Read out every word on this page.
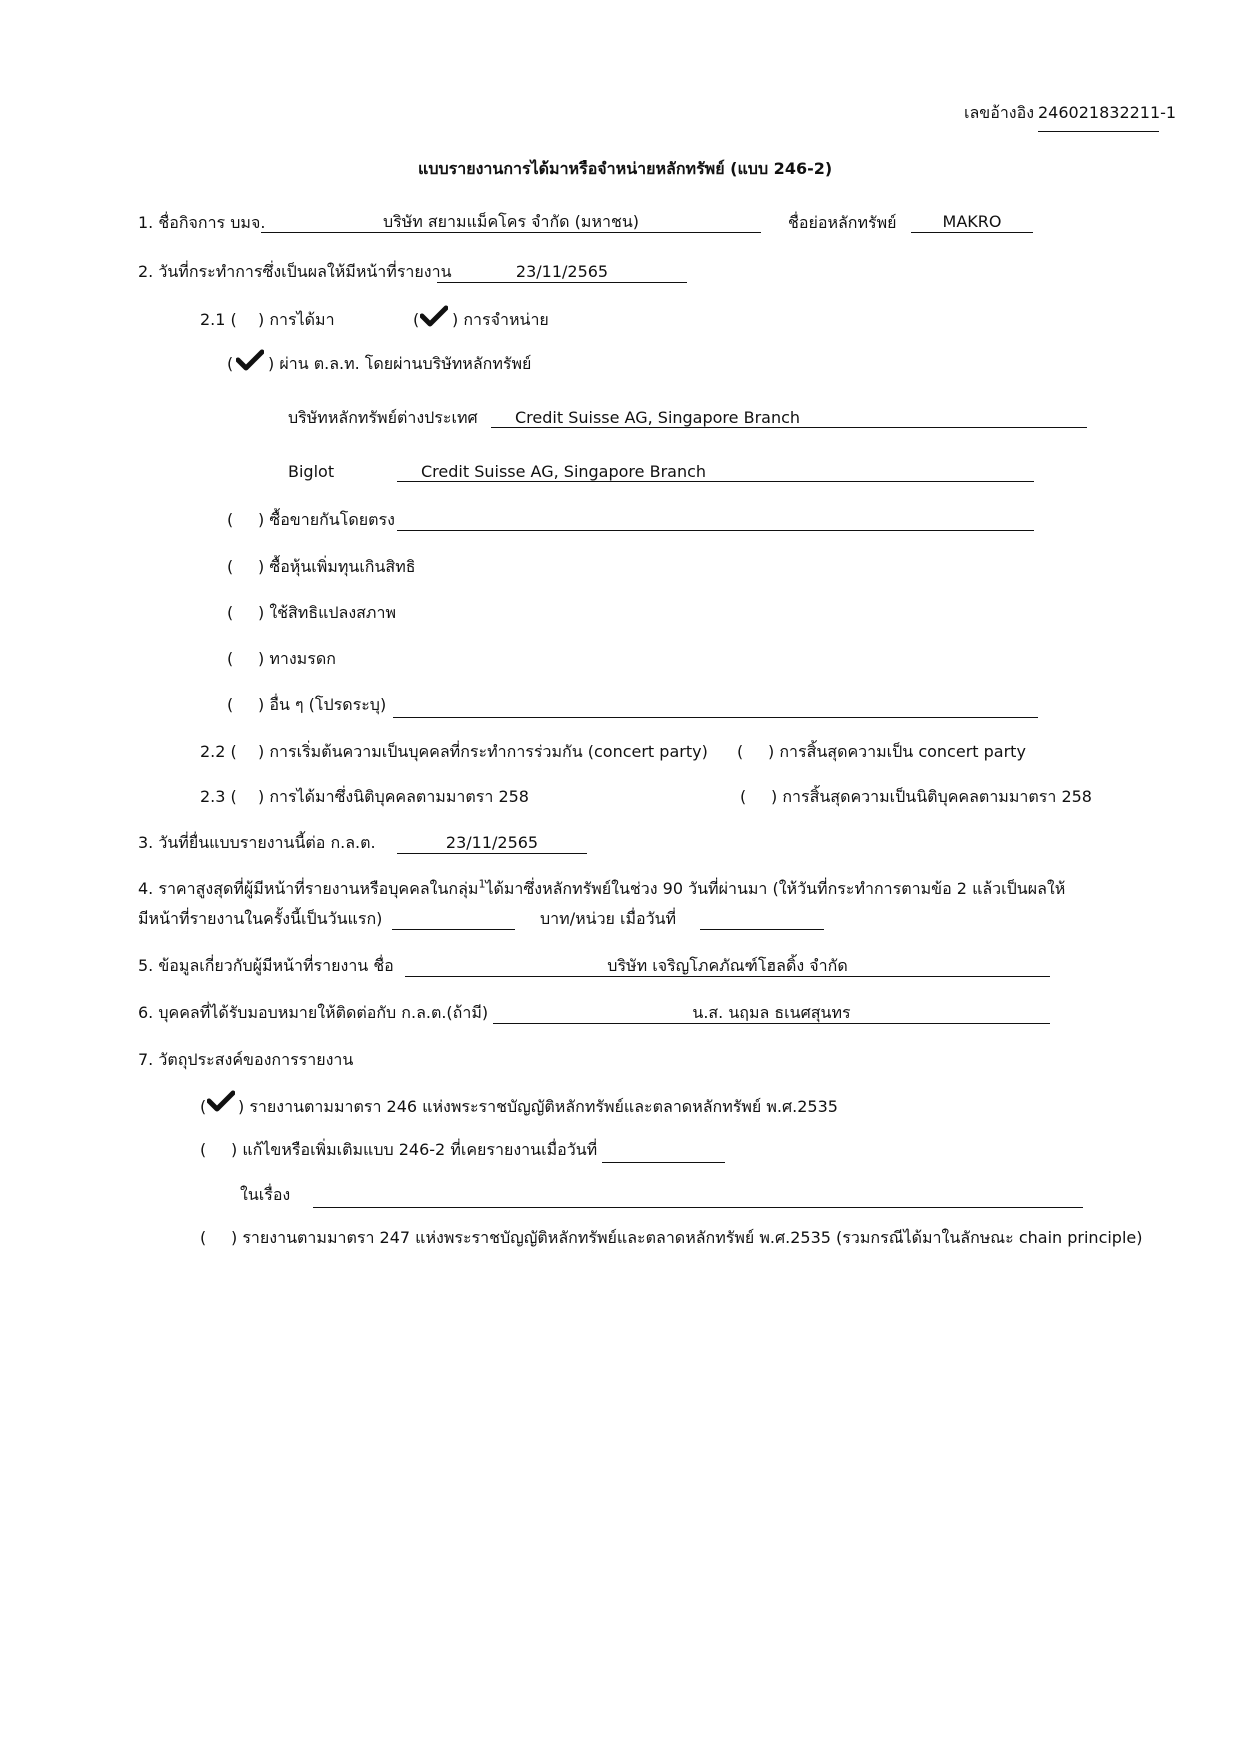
เลขอ้างอิง 246021832211-1
แบบรายงานการได้มาหรือจำหน่ายหลักทรัพย์ (แบบ 246-2)
1. ชื่อกิจการ บมจ.	บริษัท สยามแม็คโคร จำกัด (มหาชน)	ชื่อย่อหลักทรัพย์	MAKRO
2. วันที่กระทำการซึ่งเป็นผลให้มีหน้าที่รายงาน	23/11/2565
2.1 ( ) การได้มา	( ) การจำหน่าย
( ) ผ่าน ต.ล.ท. โดยผ่านบริษัทหลักทรัพย์
บริษัทหลักทรัพย์ต่างประเทศ	Credit Suisse AG, Singapore Branch
Biglot	Credit Suisse AG, Singapore Branch
( ) ซื้อขายกันโดยตรง
( ) ซื้อหุ้นเพิ่มทุนเกินสิทธิ
( ) ใช้สิทธิแปลงสภาพ
( ) ทางมรดก
( ) อื่น ๆ (โปรดระบุ)
2.2 ( ) การเริ่มต้นความเป็นบุคคลที่กระทำการร่วมกัน (concert party) ( ) การสิ้นสุดความเป็น concert party
2.3 ( ) การได้มาซึ่งนิติบุคคลตามมาตรา 258	( ) การสิ้นสุดความเป็นนิติบุคคลตามมาตรา 258
3. วันที่ยื่นแบบรายงานนี้ต่อ ก.ล.ต.	23/11/2565
4. ราคาสูงสุดที่ผู้มีหน้าที่รายงานหรือบุคคลในกลุ่ม$^1$ได้มาซึ่งหลักทรัพย์ในช่วง 90 วันที่ผ่านมา (ให้วันที่กระทำการตามข้อ 2 แล้วเป็นผลให้
มีหน้าที่รายงานในครั้งนี้เป็นวันแรก)	บาท/หน่วย เมื่อวันที่
5. ข้อมูลเกี่ยวกับผู้มีหน้าที่รายงาน ชื่อ	บริษัท เจริญโภคภัณฑ์โฮลดิ้ง จำกัด
6. บุคคลที่ได้รับมอบหมายให้ติดต่อกับ ก.ล.ต.(ถ้ามี)	น.ส. นฤมล ธเนศสุนทร
7. วัตถุประสงค์ของการรายงาน
( ) รายงานตามมาตรา 246 แห่งพระราชบัญญัติหลักทรัพย์และตลาดหลักทรัพย์ พ.ศ.2535
( ) แก้ไขหรือเพิ่มเติมแบบ 246-2 ที่เคยรายงานเมื่อวันที่
ในเรื่อง
( ) รายงานตามมาตรา 247 แห่งพระราชบัญญัติหลักทรัพย์และตลาดหลักทรัพย์ พ.ศ.2535 (รวมกรณีได้มาในลักษณะ chain principle)
